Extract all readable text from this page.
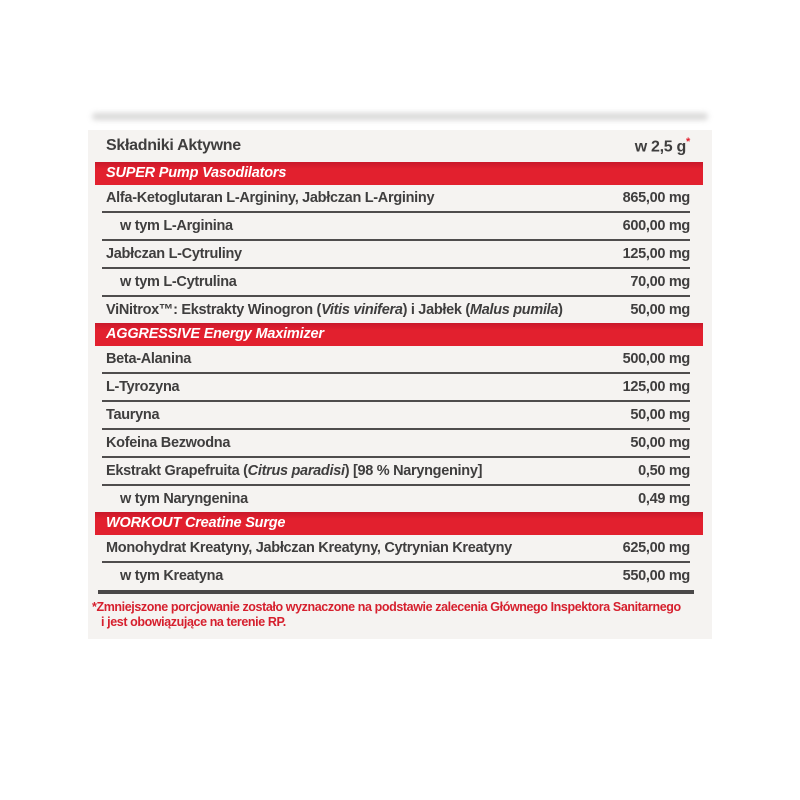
Składniki Aktywne	w 2,5 g*
SUPER Pump Vasodilators
Alfa-Ketoglutaran L-Argininy, Jabłczan L-Argininy	865,00 mg
w tym L-Arginina	600,00 mg
Jabłczan L-Cytruliny	125,00 mg
w tym L-Cytrulina	70,00 mg
ViNitrox™: Ekstrakty Winogron (Vitis vinifera) i Jabłek (Malus pumila)	50,00 mg
AGGRESSIVE Energy Maximizer
Beta-Alanina	500,00 mg
L-Tyrozyna	125,00 mg
Tauryna	50,00 mg
Kofeina Bezwodna	50,00 mg
Ekstrakt Grapefruita (Citrus paradisi) [98 % Naryngeniny]	0,50 mg
w tym Naryngenina	0,49 mg
WORKOUT Creatine Surge
Monohydrat Kreatyny, Jabłczan Kreatyny, Cytrynian Kreatyny	625,00 mg
w tym Kreatyna	550,00 mg
*Zmniejszone porcjowanie zostało wyznaczone na podstawie zalecenia Głównego Inspektora Sanitarnego
i jest obowiązujące na terenie RP.
